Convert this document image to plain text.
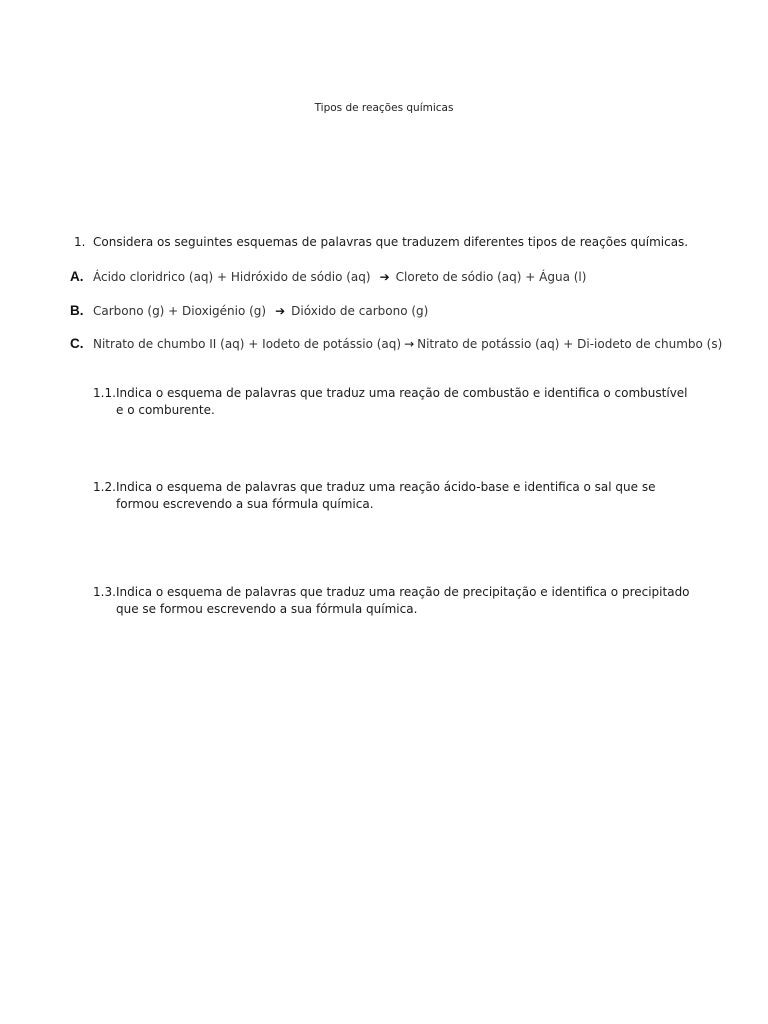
Tipos de reações químicas
1. Considera os seguintes esquemas de palavras que traduzem diferentes tipos de reações químicas.
A. Ácido cloridrico (aq) + Hidróxido de sódio (aq) ➔ Cloreto de sódio (aq) + Água (l)
B. Carbono (g) + Dioxigénio (g) ➔ Dióxido de carbono (g)
C. Nitrato de chumbo II (aq) + Iodeto de potássio (aq) → Nitrato de potássio (aq) + Di-iodeto de chumbo (s)
1.1. Indica o esquema de palavras que traduz uma reação de combustão e identifica o combustível e o comburente.
1.2. Indica o esquema de palavras que traduz uma reação ácido-base e identifica o sal que se formou escrevendo a sua fórmula química.
1.3. Indica o esquema de palavras que traduz uma reação de precipitação e identifica o precipitado que se formou escrevendo a sua fórmula química.
